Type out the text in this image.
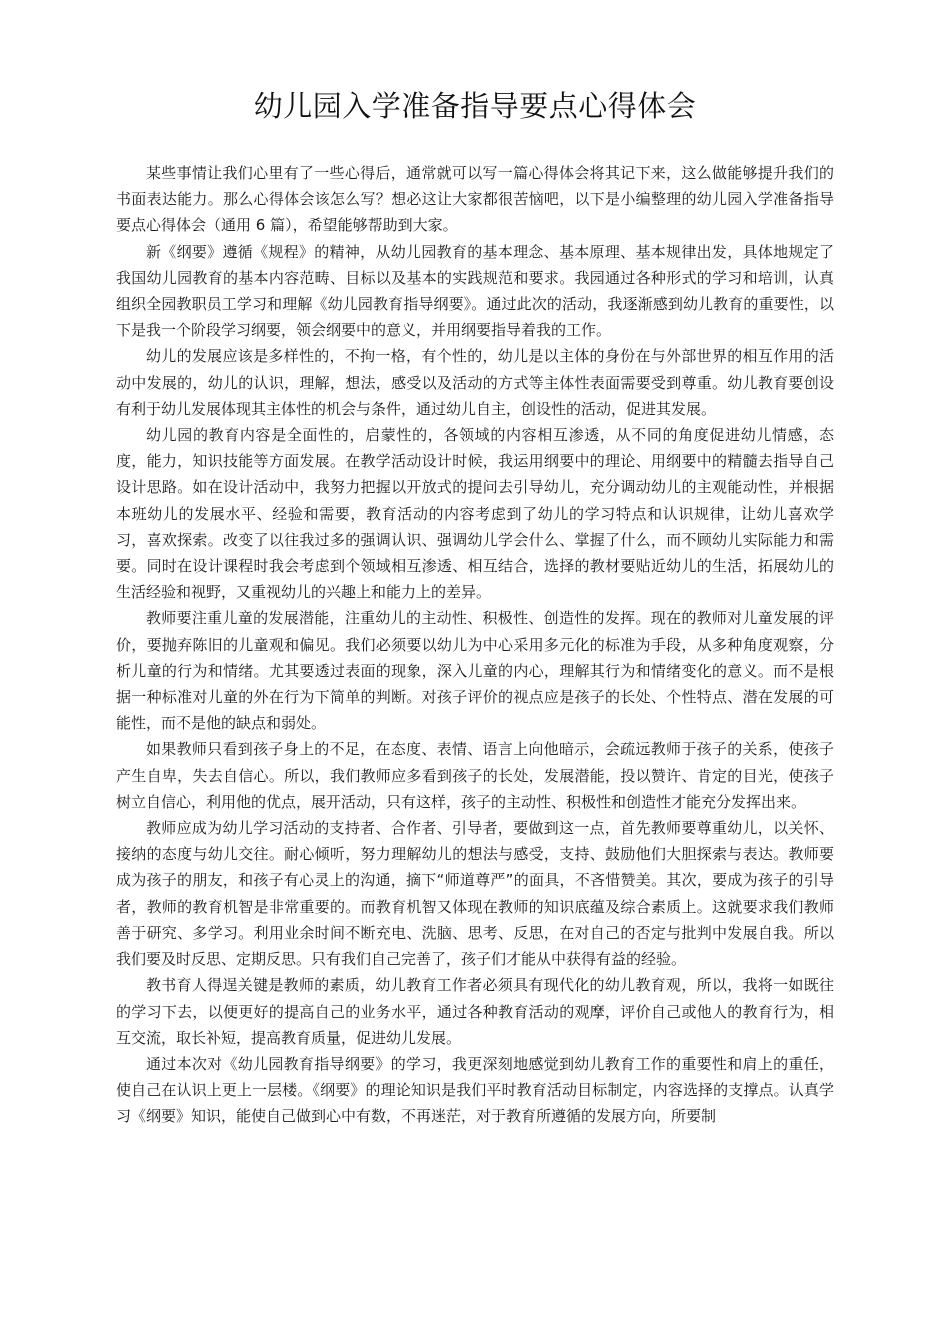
幼儿园入学准备指导要点心得体会

某些事情让我们心里有了一些心得后，通常就可以写一篇心得体会将其记下来，这么做能够提升我们的书面表达能力。那么心得体会该怎么写？想必这让大家都很苦恼吧，以下是小编整理的幼儿园入学准备指导要点心得体会（通用 6 篇），希望能够帮助到大家。

新《纲要》遵循《规程》的精神，从幼儿园教育的基本理念、基本原理、基本规律出发，具体地规定了我国幼儿园教育的基本内容范畴、目标以及基本的实践规范和要求。我园通过各种形式的学习和培训，认真组织全园教职员工学习和理解《幼儿园教育指导纲要》。通过此次的活动，我逐渐感到幼儿教育的重要性，以下是我一个阶段学习纲要，领会纲要中的意义，并用纲要指导着我的工作。

幼儿的发展应该是多样性的，不拘一格，有个性的，幼儿是以主体的身份在与外部世界的相互作用的活动中发展的，幼儿的认识，理解，想法，感受以及活动的方式等主体性表面需要受到尊重。幼儿教育要创设有利于幼儿发展体现其主体性的机会与条件，通过幼儿自主，创设性的活动，促进其发展。

幼儿园的教育内容是全面性的，启蒙性的，各领域的内容相互渗透，从不同的角度促进幼儿情感，态度，能力，知识技能等方面发展。在教学活动设计时候，我运用纲要中的理论、用纲要中的精髓去指导自己设计思路。如在设计活动中，我努力把握以开放式的提问去引导幼儿，充分调动幼儿的主观能动性，并根据本班幼儿的发展水平、经验和需要，教育活动的内容考虑到了幼儿的学习特点和认识规律，让幼儿喜欢学习，喜欢探索。改变了以往我过多的强调认识、强调幼儿学会什么、掌握了什么，而不顾幼儿实际能力和需要。同时在设计课程时我会考虑到个领域相互渗透、相互结合，选择的教材要贴近幼儿的生活，拓展幼儿的生活经验和视野，又重视幼儿的兴趣上和能力上的差异。

教师要注重儿童的发展潜能，注重幼儿的主动性、积极性、创造性的发挥。现在的教师对儿童发展的评价，要抛弃陈旧的儿童观和偏见。我们必须要以幼儿为中心采用多元化的标准为手段，从多种角度观察，分析儿童的行为和情绪。尤其要透过表面的现象，深入儿童的内心，理解其行为和情绪变化的意义。而不是根据一种标准对儿童的外在行为下简单的判断。对孩子评价的视点应是孩子的长处、个性特点、潜在发展的可能性，而不是他的缺点和弱处。

如果教师只看到孩子身上的不足，在态度、表情、语言上向他暗示，会疏远教师于孩子的关系，使孩子产生自卑，失去自信心。所以，我们教师应多看到孩子的长处，发展潜能，投以赞许、肯定的目光，使孩子树立自信心，利用他的优点，展开活动，只有这样，孩子的主动性、积极性和创造性才能充分发挥出来。

教师应成为幼儿学习活动的支持者、合作者、引导者，要做到这一点，首先教师要尊重幼儿，以关怀、接纳的态度与幼儿交往。耐心倾听，努力理解幼儿的想法与感受，支持、鼓励他们大胆探索与表达。教师要成为孩子的朋友，和孩子有心灵上的沟通，摘下“师道尊严”的面具，不吝惜赞美。其次，要成为孩子的引导者，教师的教育机智是非常重要的。而教育机智又体现在教师的知识底蕴及综合素质上。这就要求我们教师善于研究、多学习。利用业余时间不断充电、洗脑、思考、反思，在对自己的否定与批判中发展自我。所以我们要及时反思、定期反思。只有我们自己完善了，孩子们才能从中获得有益的经验。

教书育人得逞关键是教师的素质，幼儿教育工作者必须具有现代化的幼儿教育观，所以，我将一如既往的学习下去，以便更好的提高自己的业务水平，通过各种教育活动的观摩，评价自己或他人的教育行为，相互交流，取长补短，提高教育质量，促进幼儿发展。

通过本次对《幼儿园教育指导纲要》的学习，我更深刻地感觉到幼儿教育工作的重要性和肩上的重任，使自己在认识上更上一层楼。《纲要》的理论知识是我们平时教育活动目标制定，内容选择的支撑点。认真学习《纲要》知识，能使自己做到心中有数，不再迷茫，对于教育所遵循的发展方向，所要制
